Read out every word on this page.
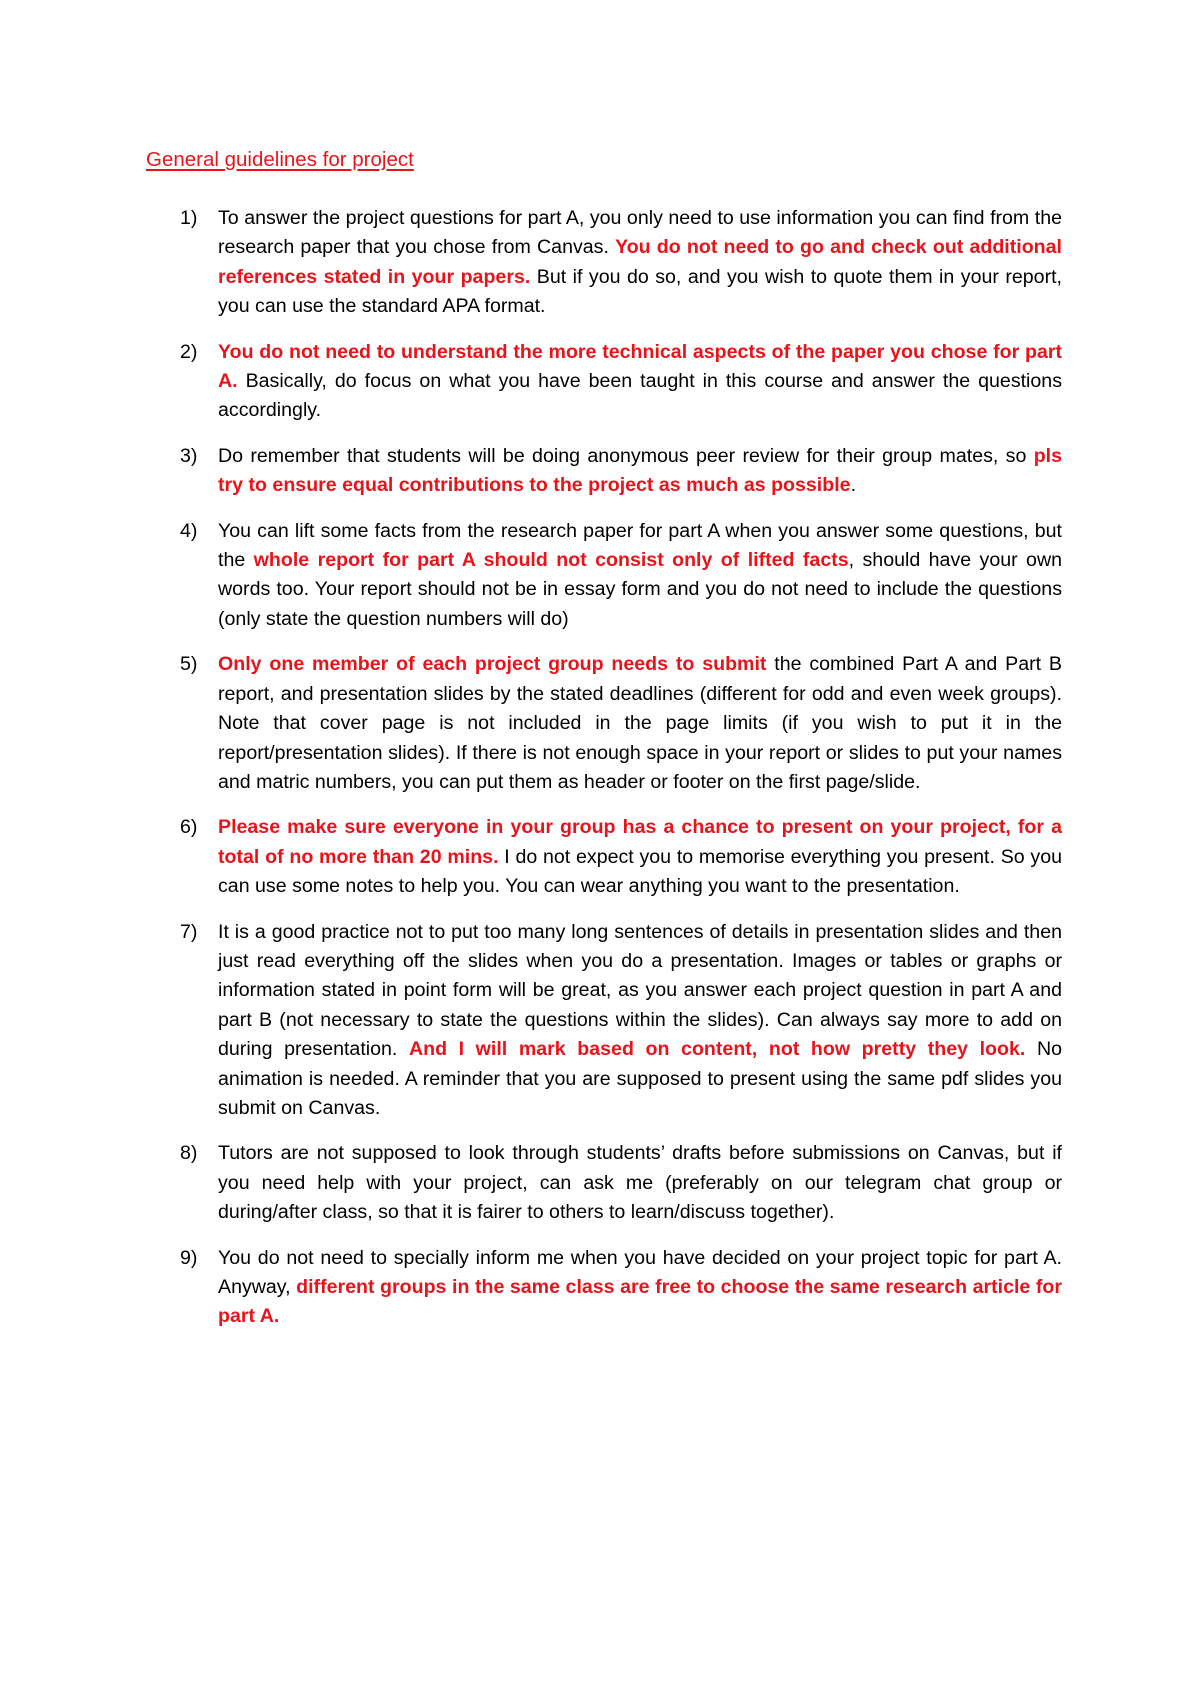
General guidelines for project
1)	To answer the project questions for part A, you only need to use information you can find from the research paper that you chose from Canvas. You do not need to go and check out additional references stated in your papers. But if you do so, and you wish to quote them in your report, you can use the standard APA format.
2)	You do not need to understand the more technical aspects of the paper you chose for part A. Basically, do focus on what you have been taught in this course and answer the questions accordingly.
3)	Do remember that students will be doing anonymous peer review for their group mates, so pls try to ensure equal contributions to the project as much as possible.
4)	You can lift some facts from the research paper for part A when you answer some questions, but the whole report for part A should not consist only of lifted facts, should have your own words too. Your report should not be in essay form and you do not need to include the questions (only state the question numbers will do)
5)	Only one member of each project group needs to submit the combined Part A and Part B report, and presentation slides by the stated deadlines (different for odd and even week groups). Note that cover page is not included in the page limits (if you wish to put it in the report/presentation slides). If there is not enough space in your report or slides to put your names and matric numbers, you can put them as header or footer on the first page/slide.
6)	Please make sure everyone in your group has a chance to present on your project, for a total of no more than 20 mins. I do not expect you to memorise everything you present. So you can use some notes to help you. You can wear anything you want to the presentation.
7)	It is a good practice not to put too many long sentences of details in presentation slides and then just read everything off the slides when you do a presentation. Images or tables or graphs or information stated in point form will be great, as you answer each project question in part A and part B (not necessary to state the questions within the slides). Can always say more to add on during presentation. And I will mark based on content, not how pretty they look. No animation is needed. A reminder that you are supposed to present using the same pdf slides you submit on Canvas.
8)	Tutors are not supposed to look through students’ drafts before submissions on Canvas, but if you need help with your project, can ask me (preferably on our telegram chat group or during/after class, so that it is fairer to others to learn/discuss together).
9)	You do not need to specially inform me when you have decided on your project topic for part A. Anyway, different groups in the same class are free to choose the same research article for part A.
